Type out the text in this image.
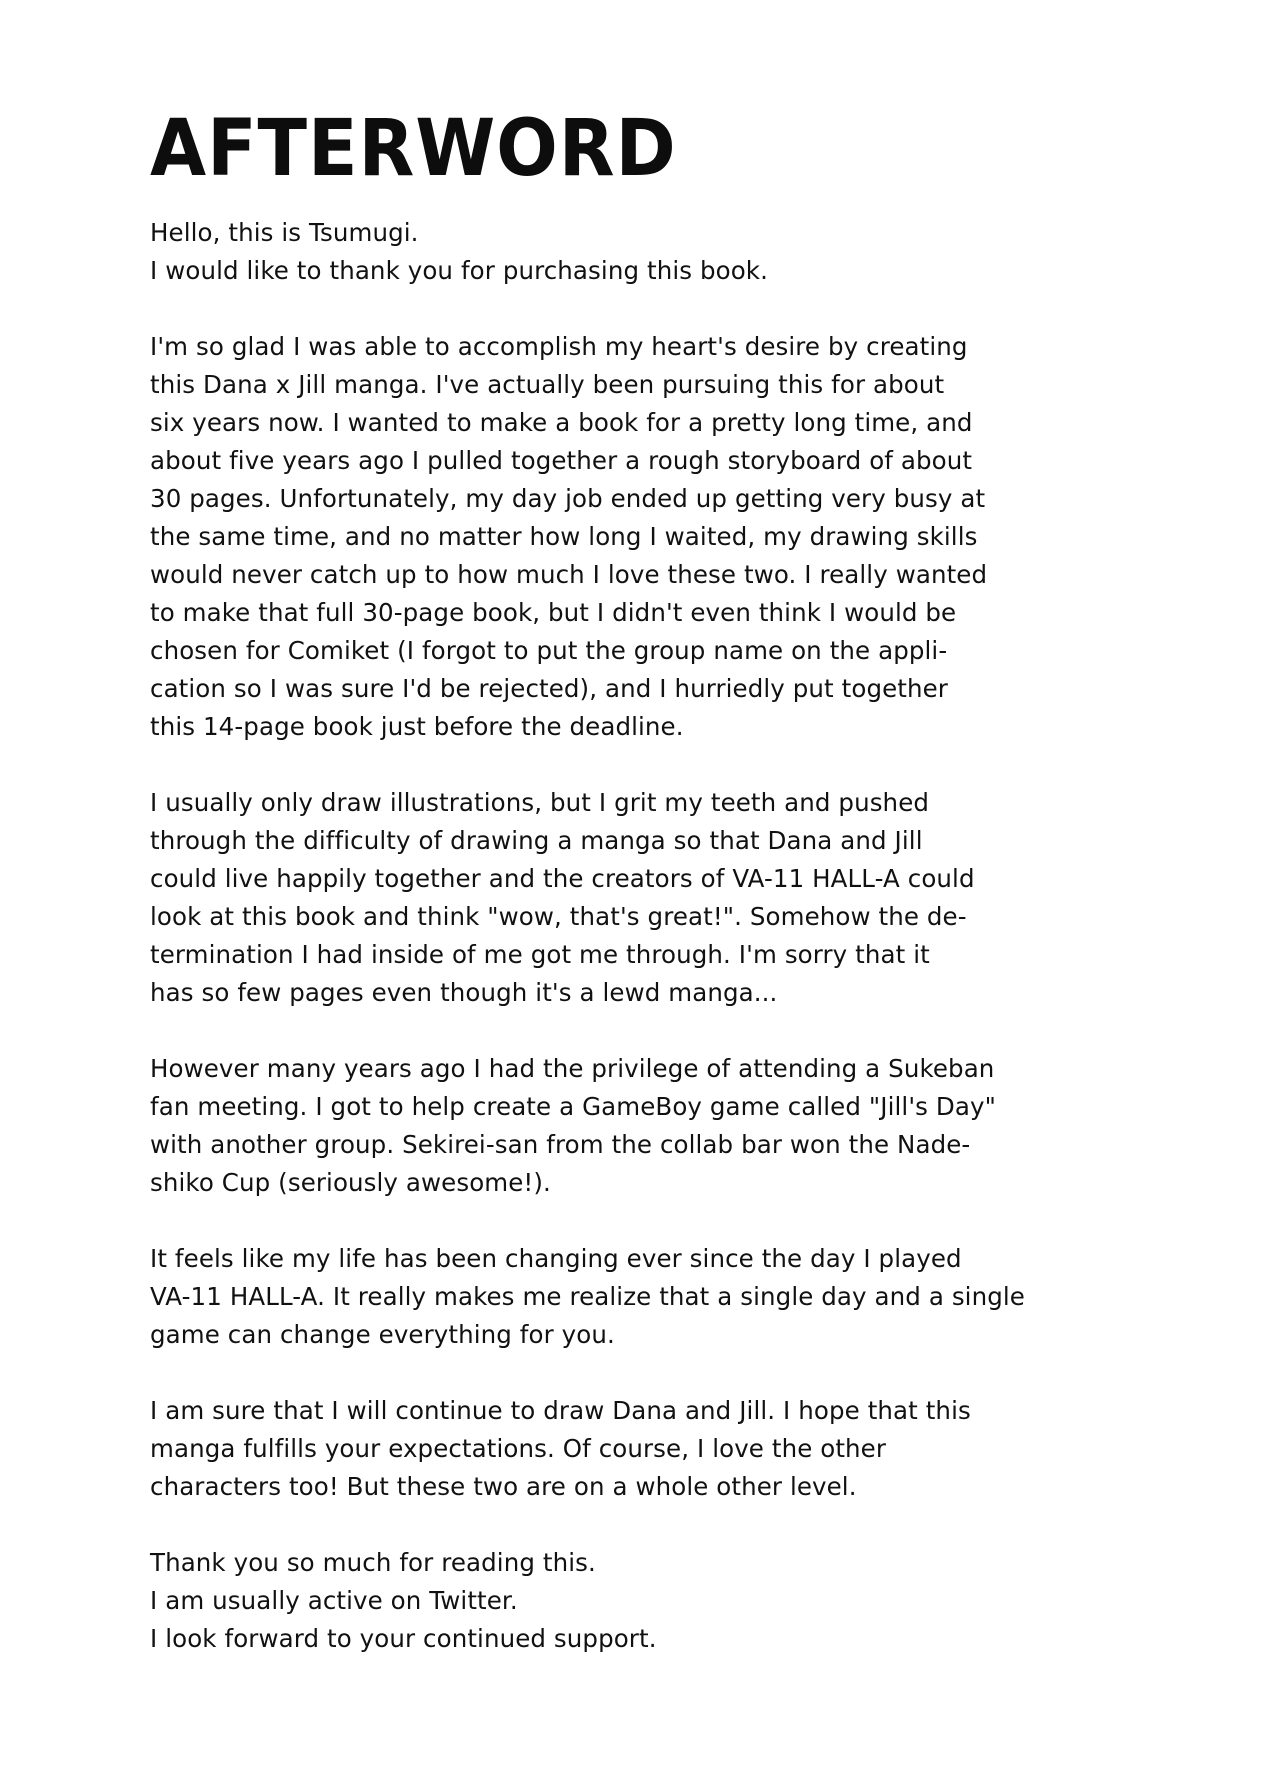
AFTERWORD

Hello, this is Tsumugi.
I would like to thank you for purchasing this book.

I'm so glad I was able to accomplish my heart's desire by creating
this Dana x Jill manga. I've actually been pursuing this for about
six years now. I wanted to make a book for a pretty long time, and
about five years ago I pulled together a rough storyboard of about
30 pages. Unfortunately, my day job ended up getting very busy at
the same time, and no matter how long I waited, my drawing skills
would never catch up to how much I love these two. I really wanted
to make that full 30-page book, but I didn't even think I would be
chosen for Comiket (I forgot to put the group name on the appli-
cation so I was sure I'd be rejected), and I hurriedly put together
this 14-page book just before the deadline.

I usually only draw illustrations, but I grit my teeth and pushed
through the difficulty of drawing a manga so that Dana and Jill
could live happily together and the creators of VA-11 HALL-A could
look at this book and think "wow, that's great!". Somehow the de-
termination I had inside of me got me through. I'm sorry that it
has so few pages even though it's a lewd manga...

However many years ago I had the privilege of attending a Sukeban
fan meeting. I got to help create a GameBoy game called "Jill's Day"
with another group. Sekirei-san from the collab bar won the Nade-
shiko Cup (seriously awesome!).

It feels like my life has been changing ever since the day I played
VA-11 HALL-A. It really makes me realize that a single day and a single
game can change everything for you.

I am sure that I will continue to draw Dana and Jill. I hope that this
manga fulfills your expectations. Of course, I love the other
characters too! But these two are on a whole other level.

Thank you so much for reading this.
I am usually active on Twitter.
I look forward to your continued support.
